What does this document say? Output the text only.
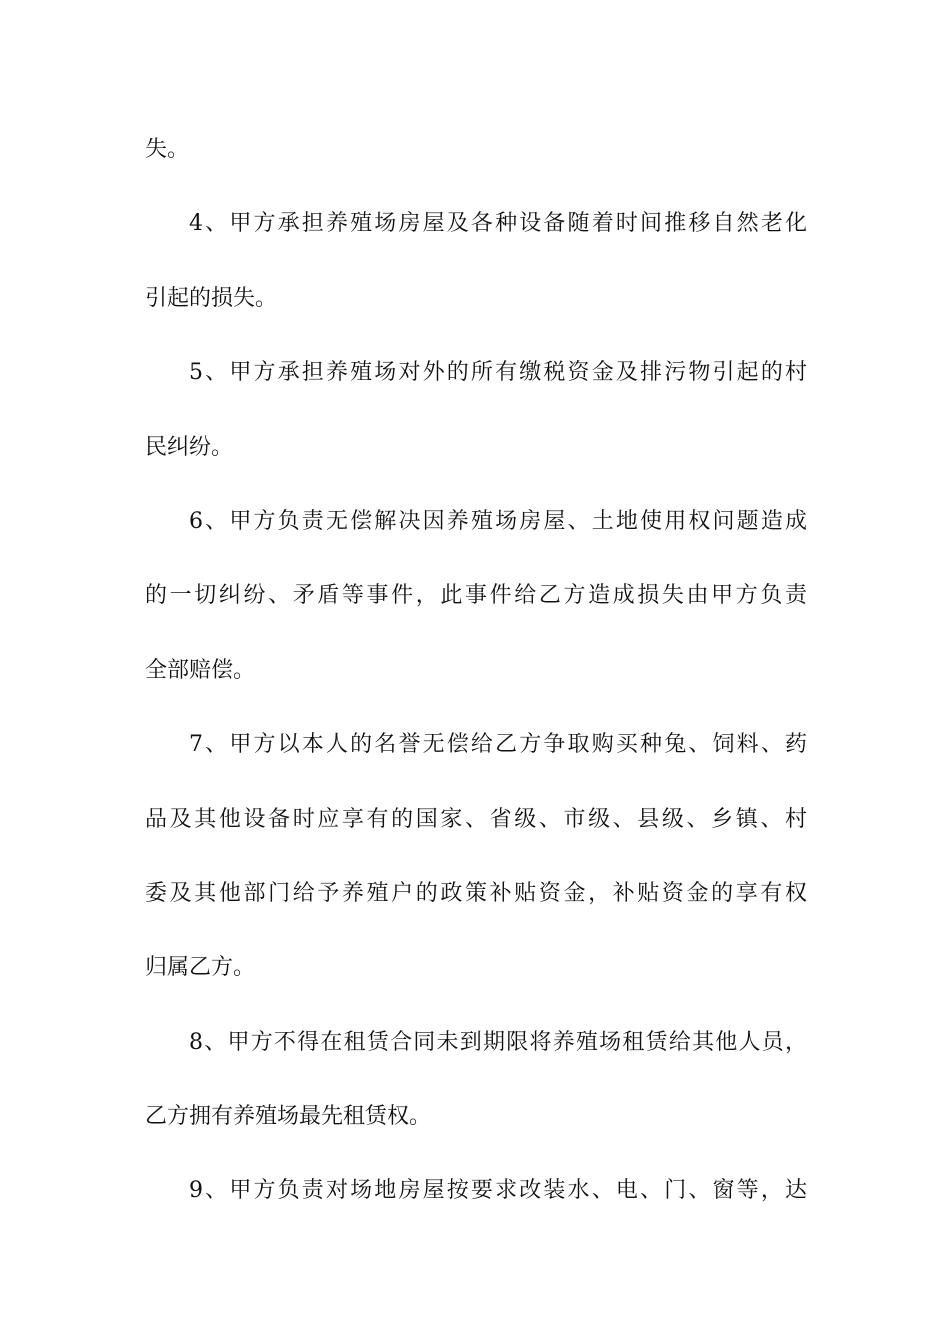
失。
4、甲方承担养殖场房屋及各种设备随着时间推移自然老化
引起的损失。
5、甲方承担养殖场对外的所有缴税资金及排污物引起的村
民纠纷。
6、甲方负责无偿解决因养殖场房屋、土地使用权问题造成
的一切纠纷、矛盾等事件，此事件给乙方造成损失由甲方负责
全部赔偿。
7、甲方以本人的名誉无偿给乙方争取购买种兔、饲料、药
品及其他设备时应享有的国家、省级、市级、县级、乡镇、村
委及其他部门给予养殖户的政策补贴资金，补贴资金的享有权
归属乙方。
8、甲方不得在租赁合同未到期限将养殖场租赁给其他人员，
乙方拥有养殖场最先租赁权。
9、甲方负责对场地房屋按要求改装水、电、门、窗等，达
